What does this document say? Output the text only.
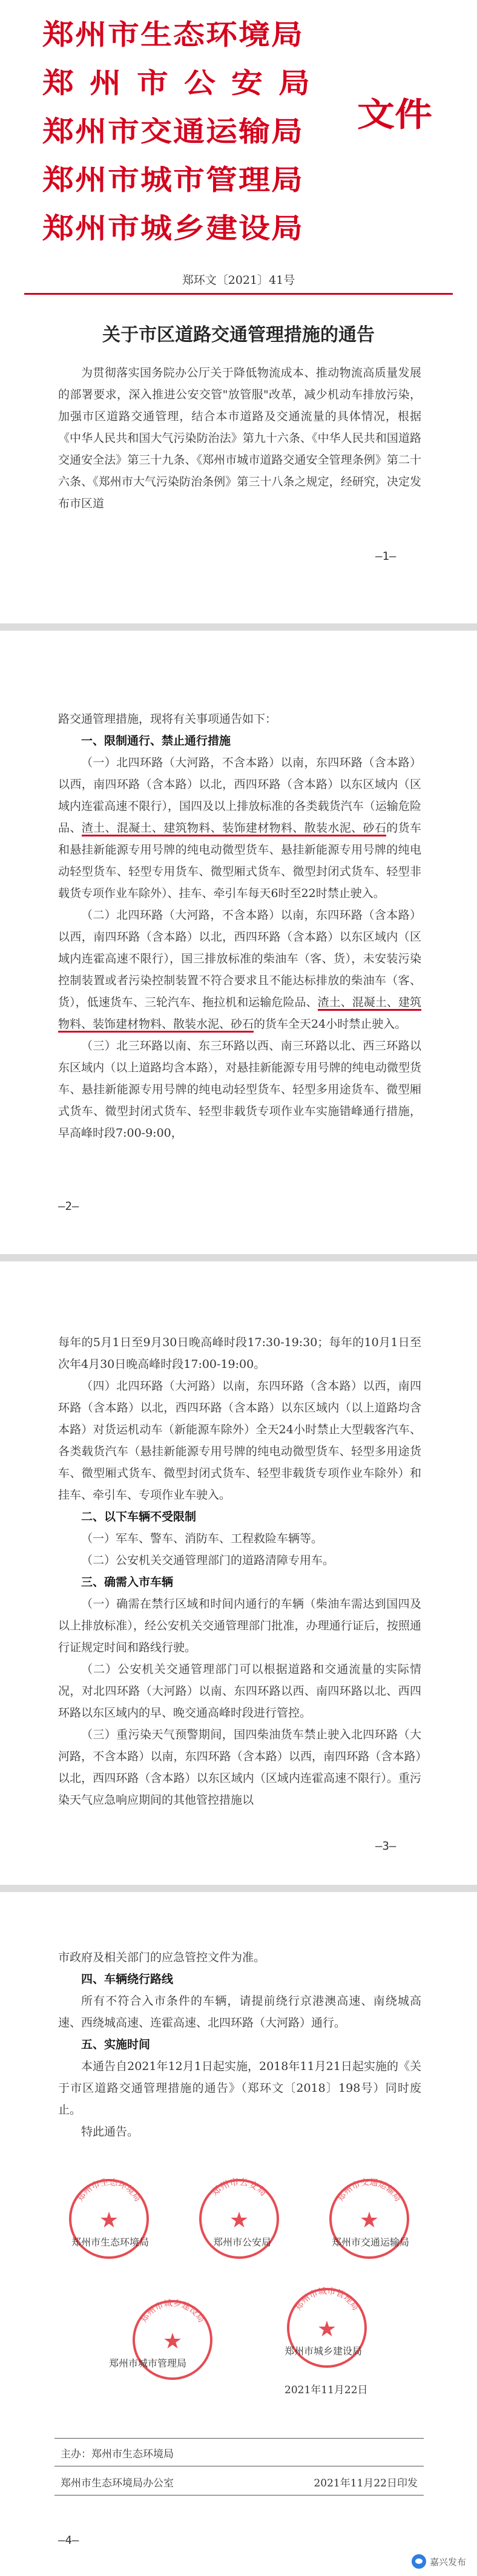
郑州市生态环境局
郑州市公安局
郑州市交通运输局
郑州市城市管理局
郑州市城乡建设局
文件
郑环文〔2021〕41号
关于市区道路交通管理措施的通告

为贯彻落实国务院办公厅关于降低物流成本、推动物流高质量发展的部署要求，深入推进公安交管"放管服"改革，减少机动车排放污染，加强市区道路交通管理，结合本市道路及交通流量的具体情况，根据《中华人民共和国大气污染防治法》第九十六条、《中华人民共和国道路交通安全法》第三十九条、《郑州市城市道路交通安全管理条例》第二十六条、《郑州市大气污染防治条例》第三十八条之规定，经研究，决定发布市区道

—1—

路交通管理措施，现将有关事项通告如下：

一、限制通行、禁止通行措施

（一）北四环路（大河路，不含本路）以南，东四环路（含本路）以西，南四环路（含本路）以北，西四环路（含本路）以东区域内（区域内连霍高速不限行），国四及以上排放标准的各类载货汽车（运输危险品、渣土、混凝土、建筑物料、装饰建材物料、散装水泥、砂石的货车和悬挂新能源专用号牌的纯电动微型货车、悬挂新能源专用号牌的纯电动轻型货车、轻型专用货车、微型厢式货车、微型封闭式货车、轻型非载货专项作业车除外）、挂车、牵引车每天6时至22时禁止驶入。

（二）北四环路（大河路，不含本路）以南，东四环路（含本路）以西，南四环路（含本路）以北，西四环路（含本路）以东区域内（区域内连霍高速不限行），国三排放标准的柴油车（客、货），未安装污染控制装置或者污染控制装置不符合要求且不能达标排放的柴油车（客、货），低速货车、三轮汽车、拖拉机和运输危险品、渣土、混凝土、建筑物料、装饰建材物料、散装水泥、砂石的货车全天24小时禁止驶入。

（三）北三环路以南、东三环路以西、南三环路以北、西三环路以东区域内（以上道路均含本路），对悬挂新能源专用号牌的纯电动微型货车、悬挂新能源专用号牌的纯电动轻型货车、轻型多用途货车、微型厢式货车、微型封闭式货车、轻型非载货专项作业车实施错峰通行措施，早高峰时段7:00-9:00，

—2—

每年的5月1日至9月30日晚高峰时段17:30-19:30；每年的10月1日至次年4月30日晚高峰时段17:00-19:00。

（四）北四环路（大河路）以南，东四环路（含本路）以西，南四环路（含本路）以北，西四环路（含本路）以东区域内（以上道路均含本路）对货运机动车（新能源车除外）全天24小时禁止大型载客汽车、各类载货汽车（悬挂新能源专用号牌的纯电动微型货车、轻型多用途货车、微型厢式货车、微型封闭式货车、轻型非载货专项作业车除外）和挂车、牵引车、专项作业车驶入。

二、以下车辆不受限制

（一）军车、警车、消防车、工程救险车辆等。

（二）公安机关交通管理部门的道路清障专用车。

三、确需入市车辆

（一）确需在禁行区域和时间内通行的车辆（柴油车需达到国四及以上排放标准），经公安机关交通管理部门批准，办理通行证后，按照通行证规定时间和路线行驶。

（二）公安机关交通管理部门可以根据道路和交通流量的实际情况，对北四环路（大河路）以南、东四环路以西、南四环路以北、西四环路以东区域内的早、晚交通高峰时段进行管控。

（三）重污染天气预警期间，国四柴油货车禁止驶入北四环路（大河路，不含本路）以南，东四环路（含本路）以西，南四环路（含本路）以北，西四环路（含本路）以东区域内（区域内连霍高速不限行）。重污染天气应急响应期间的其他管控措施以

—3—

市政府及相关部门的应急管控文件为准。

四、车辆绕行路线

所有不符合入市条件的车辆，请提前绕行京港澳高速、南绕城高速、西绕城高速、连霍高速、北四环路（大河路）通行。

五、实施时间

本通告自2021年12月1日起实施，2018年11月21日起实施的《关于市区道路交通管理措施的通告》（郑环文〔2018〕198号）同时废止。

特此通告。

郑州市生态环境局
★
郑州市公安局
★
郑州市交通运输局
★
郑州市生态环境局	郑州市公安局	郑州市交通运输局
郑州市城乡建设局
★
郑州市城市管理局
★
郑州市城市管理局
郑州市城乡建设局
2021年11月22日
主办：郑州市生态环境局
郑州市生态环境局办公室	2021年11月22日印发
—4—
嘉兴发布
